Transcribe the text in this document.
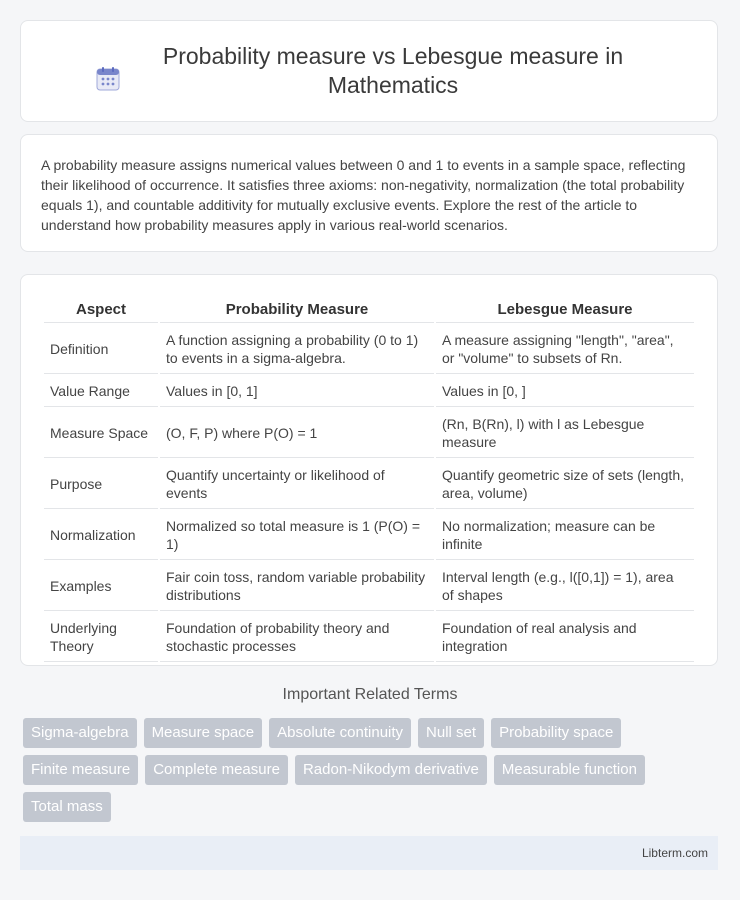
Probability measure vs Lebesgue measure in Mathematics
A probability measure assigns numerical values between 0 and 1 to events in a sample space, reflecting their likelihood of occurrence. It satisfies three axioms: non-negativity, normalization (the total probability equals 1), and countable additivity for mutually exclusive events. Explore the rest of the article to understand how probability measures apply in various real-world scenarios.
Aspect	Probability Measure	Lebesgue Measure
Definition	A function assigning a probability (0 to 1) to events in a sigma-algebra.	A measure assigning "length", "area", or "volume" to subsets of Rn.
Value Range	Values in [0, 1]	Values in [0, ]
Measure Space	(O, F, P) where P(O) = 1	(Rn, B(Rn), l) with l as Lebesgue measure
Purpose	Quantify uncertainty or likelihood of events	Quantify geometric size of sets (length, area, volume)
Normalization	Normalized so total measure is 1 (P(O) = 1)	No normalization; measure can be infinite
Examples	Fair coin toss, random variable probability distributions	Interval length (e.g., l([0,1]) = 1), area of shapes
Underlying Theory	Foundation of probability theory and stochastic processes	Foundation of real analysis and integration
Important Related Terms
Sigma-algebra	Measure space	Absolute continuity	Null set	Probability space
Finite measure	Complete measure	Radon-Nikodym derivative	Measurable function
Total mass
Libterm.com
